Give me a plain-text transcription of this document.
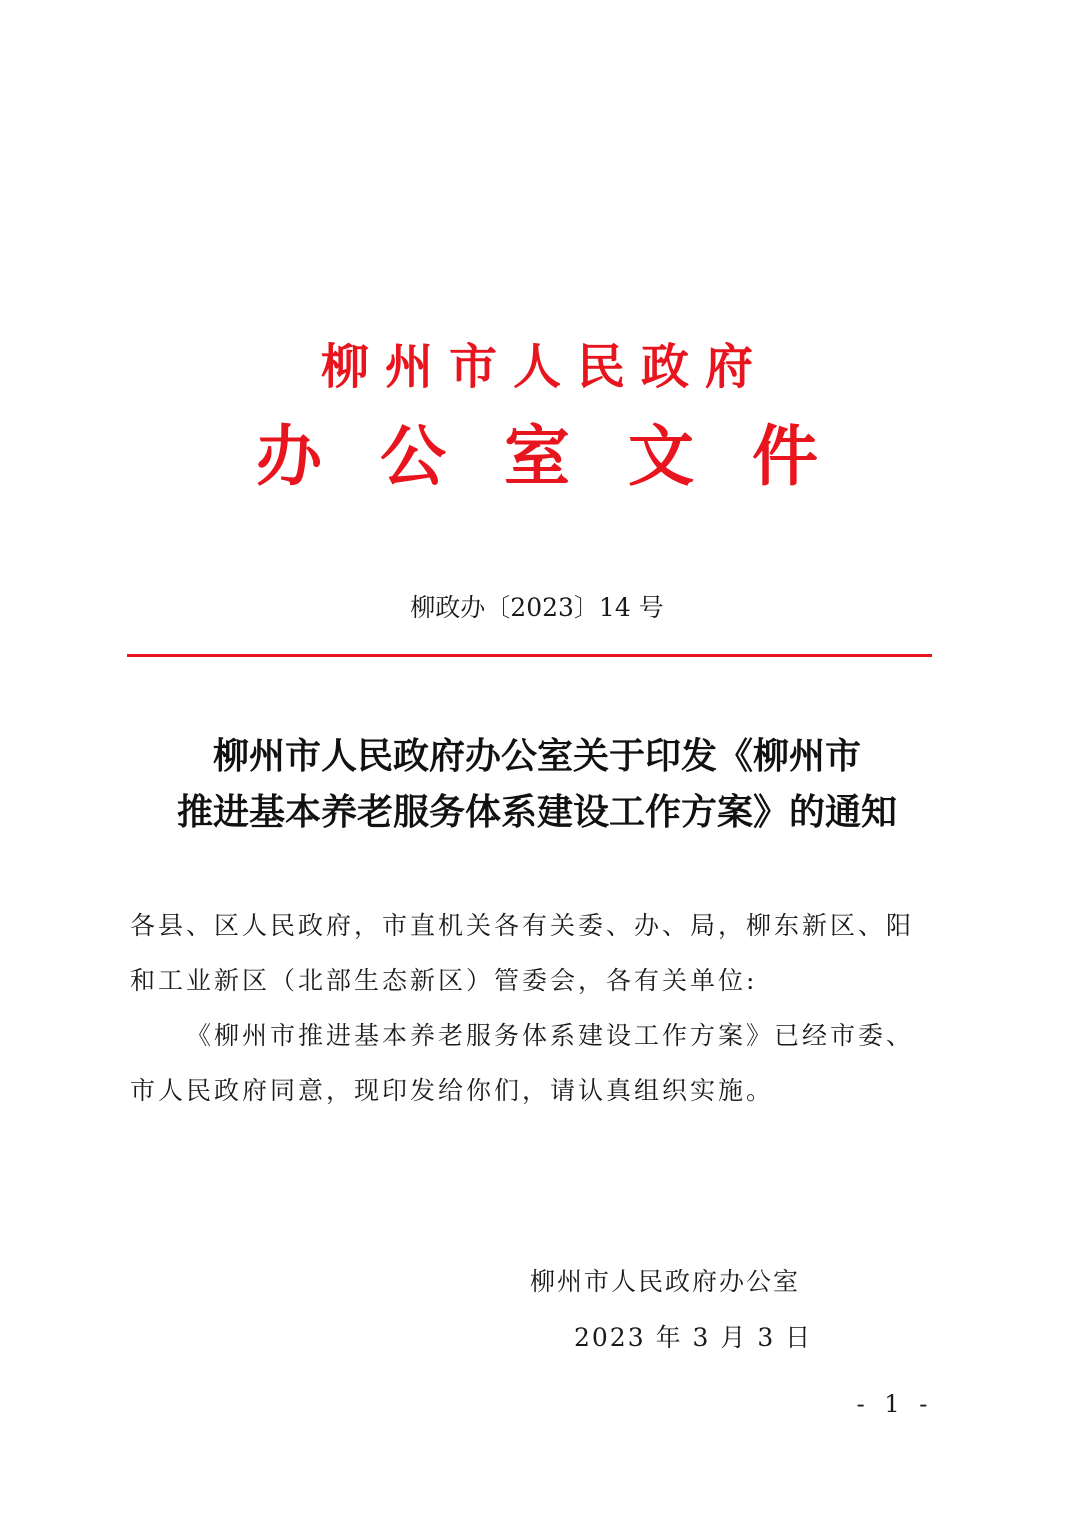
柳州市人民政府
办公室文件
柳政办〔2023〕14 号
柳州市人民政府办公室关于印发《柳州市
推进基本养老服务体系建设工作方案》的通知

各县、区人民政府，市直机关各有关委、办、局，柳东新区、阳

和工业新区（北部生态新区）管委会，各有关单位:

《柳州市推进基本养老服务体系建设工作方案》已经市委、

市人民政府同意，现印发给你们，请认真组织实施。

柳州市人民政府办公室
2023 年 3 月 3 日
- 1 -
